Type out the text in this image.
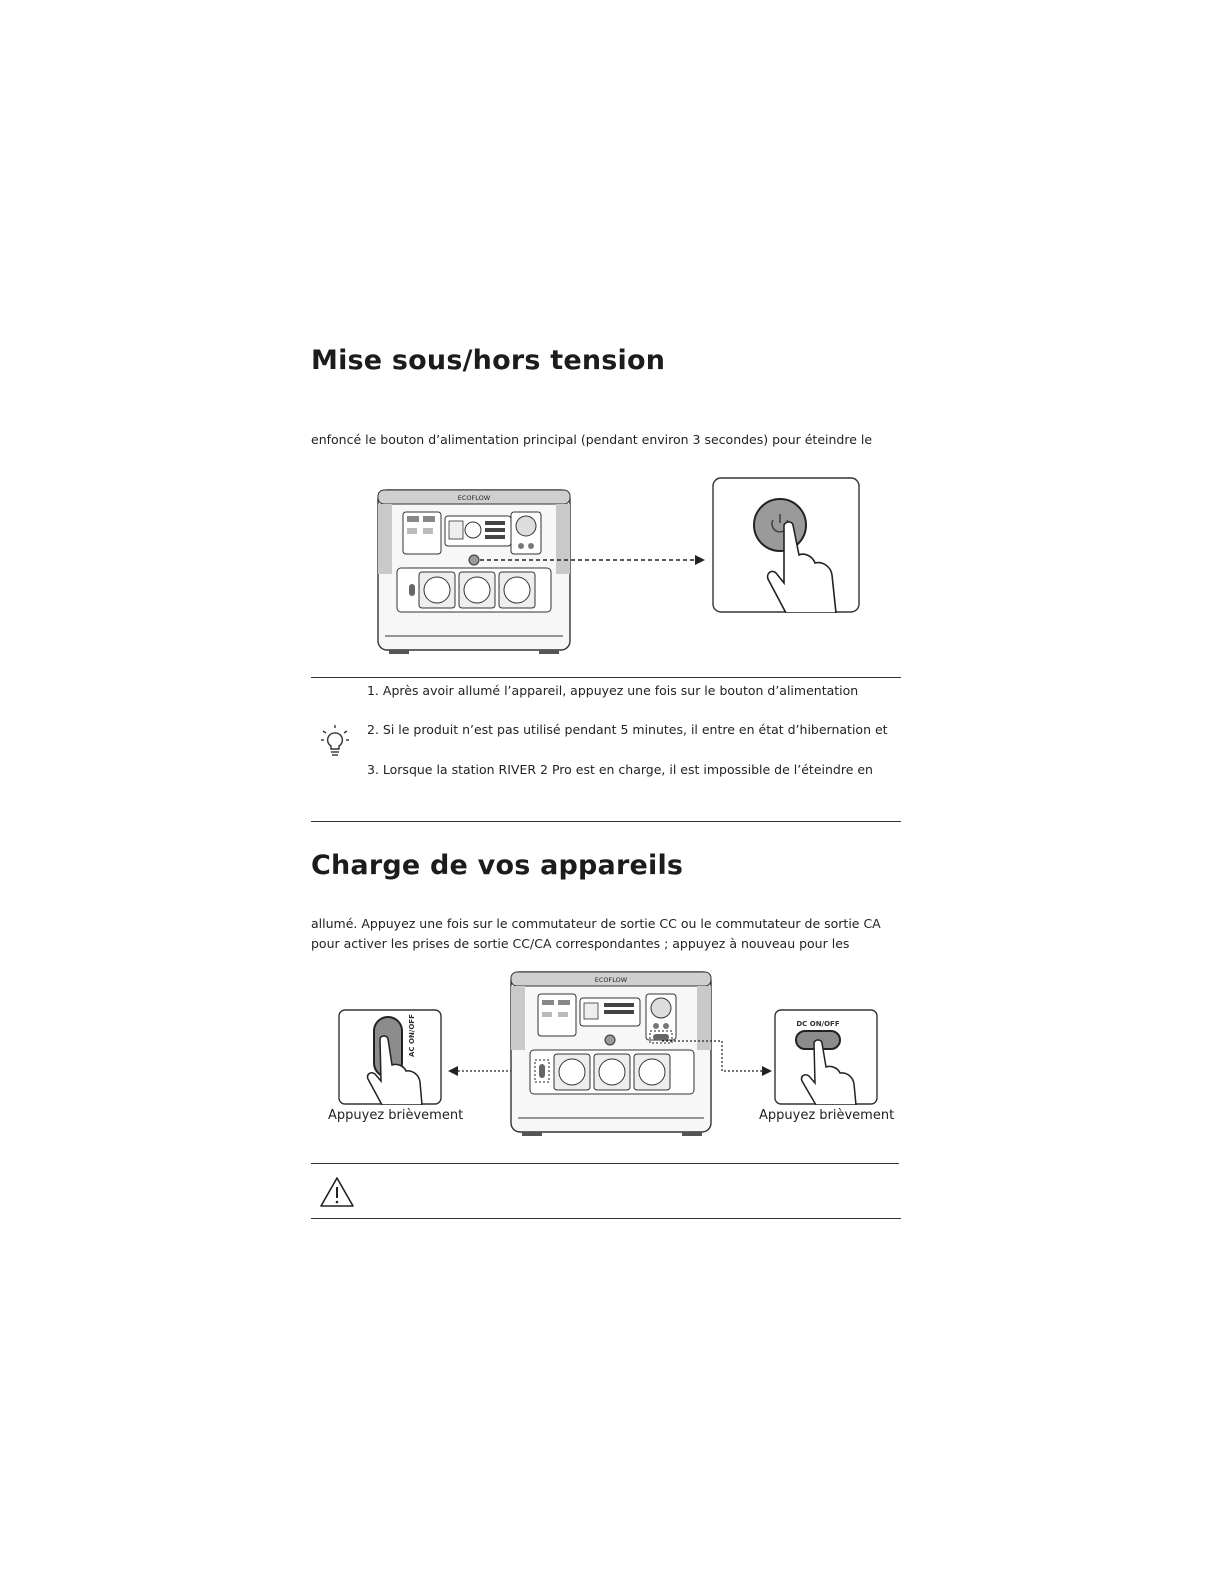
Mise sous/hors tension
enfoncé le bouton d’alimentation principal (pendant environ 3 secondes) pour éteindre le
ECOFLOW
1. Après avoir allumé l’appareil, appuyez une fois sur le bouton d’alimentation
2. Si le produit n’est pas utilisé pendant 5 minutes, il entre en état d’hibernation et
3. Lorsque la station RIVER 2 Pro est en charge, il est impossible de l’éteindre en
Charge de vos appareils
allumé. Appuyez une fois sur le commutateur de sortie CC ou le commutateur de sortie CA
pour activer les prises de sortie CC/CA correspondantes ; appuyez à nouveau pour les
AC ON/OFF
Appuyez brièvement
ECOFLOW
DC ON/OFF
Appuyez brièvement
